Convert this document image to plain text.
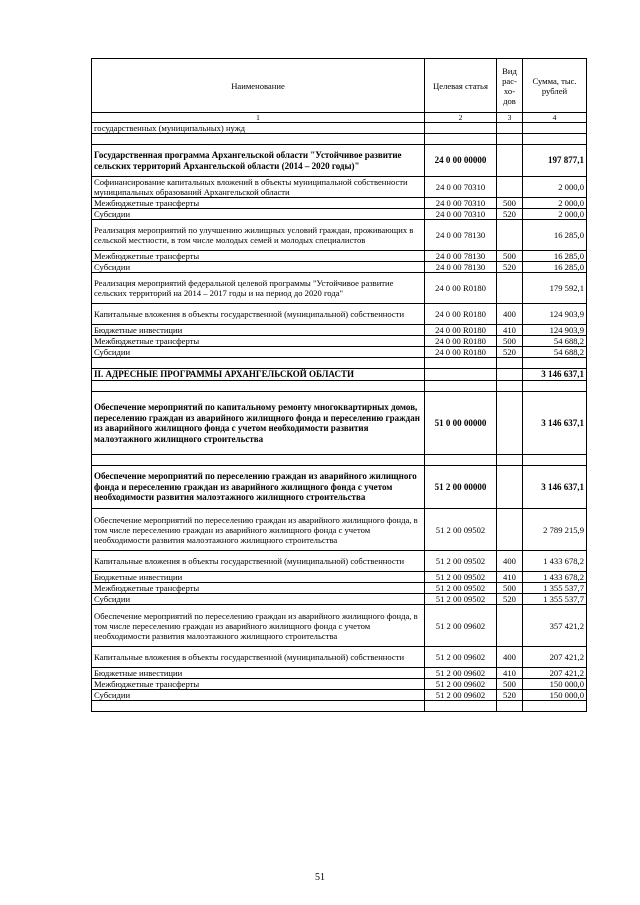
Наименование	Целевая статья	Вид рас-хо-дов	Сумма, тыс. рублей
1	2	3	4
государственных (муниципальных) нужд			

Государственная программа Архангельской области "Устойчивое развитие сельских территорий Архангельской области (2014 – 2020 годы)"	24 0 00 00000		197 877,1
Софинансирование капитальных вложений в объекты муниципальной собственности муниципальных образований Архангельской области	24 0 00 70310		2 000,0
Межбюджетные трансферты	24 0 00 70310	500	2 000,0
Субсидии	24 0 00 70310	520	2 000,0
Реализация мероприятий по улучшению жилищных условий граждан, проживающих в сельской местности, в том числе молодых семей и молодых специалистов	24 0 00 78130		16 285,0
Межбюджетные трансферты	24 0 00 78130	500	16 285,0
Субсидии	24 0 00 78130	520	16 285,0
Реализация мероприятий федеральной целевой программы "Устойчивое развитие сельских территорий на 2014 – 2017 годы и на период до 2020 года"	24 0 00 R0180		179 592,1
Капитальные вложения в объекты государственной (муниципальной) собственности	24 0 00 R0180	400	124 903,9
Бюджетные инвестиции	24 0 00 R0180	410	124 903,9
Межбюджетные трансферты	24 0 00 R0180	500	54 688,2
Субсидии	24 0 00 R0180	520	54 688,2

II. АДРЕСНЫЕ ПРОГРАММЫ АРХАНГЕЛЬСКОЙ ОБЛАСТИ			3 146 637,1

Обеспечение мероприятий по капитальному ремонту многоквартирных домов, переселению граждан из аварийного жилищного фонда и переселению граждан из аварийного жилищного фонда с учетом необходимости развития малоэтажного жилищного строительства	51 0 00 00000		3 146 637,1

Обеспечение мероприятий по переселению граждан из аварийного жилищного фонда и переселению граждан из аварийного жилищного фонда с учетом необходимости развития малоэтажного жилищного строительства	51 2 00 00000		3 146 637,1
Обеспечение мероприятий по переселению граждан из аварийного жилищного фонда, в том числе переселению граждан из аварийного жилищного фонда с учетом необходимости развития малоэтажного жилищного строительства	51 2 00 09502		2 789 215,9
Капитальные вложения в объекты государственной (муниципальной) собственности	51 2 00 09502	400	1 433 678,2
Бюджетные инвестиции	51 2 00 09502	410	1 433 678,2
Межбюджетные трансферты	51 2 00 09502	500	1 355 537,7
Субсидии	51 2 00 09502	520	1 355 537,7
Обеспечение мероприятий по переселению граждан из аварийного жилищного фонда, в том числе переселению граждан из аварийного жилищного фонда с учетом необходимости развития малоэтажного жилищного строительства	51 2 00 09602		357 421,2
Капитальные вложения в объекты государственной (муниципальной) собственности	51 2 00 09602	400	207 421,2
Бюджетные инвестиции	51 2 00 09602	410	207 421,2
Межбюджетные трансферты	51 2 00 09602	500	150 000,0
Субсидии	51 2 00 09602	520	150 000,0

51
